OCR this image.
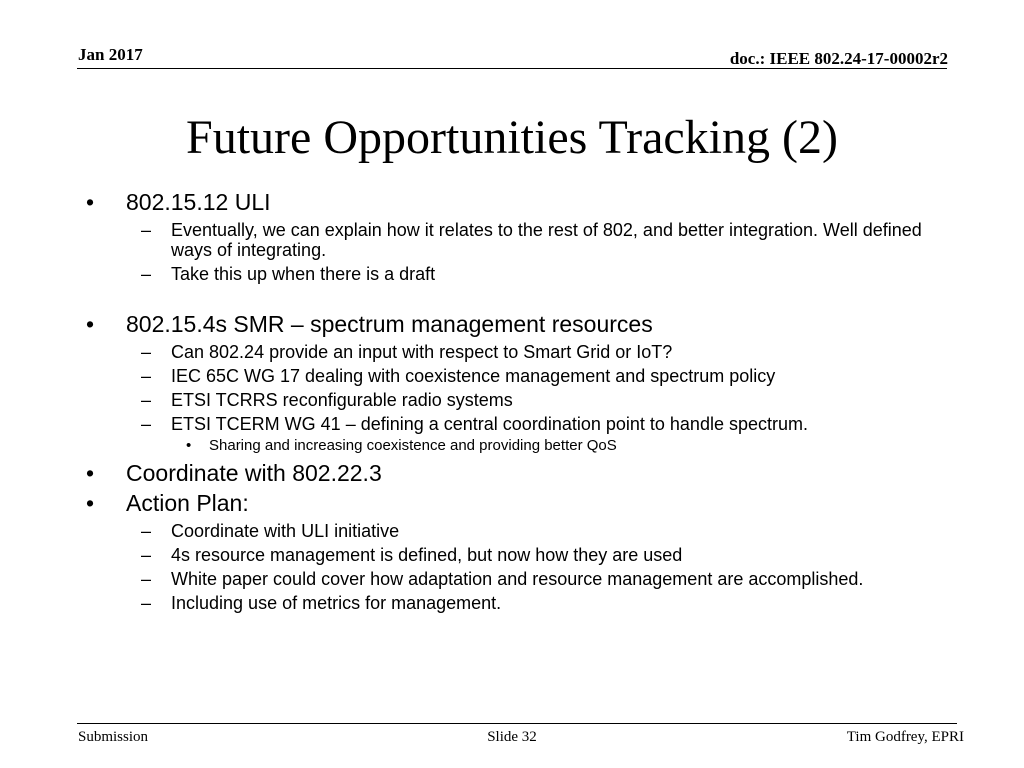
Jan 2017	doc.: IEEE 802.24-17-00002r2
Future Opportunities Tracking (2)
• 802.15.12 ULI
– Eventually, we can explain how it relates to the rest of 802, and better integration. Well defined ways of integrating.
– Take this up when there is a draft
• 802.15.4s SMR – spectrum management resources
– Can 802.24 provide an input with respect to Smart Grid or IoT?
– IEC 65C WG 17 dealing with coexistence management and spectrum policy
– ETSI TCRRS reconfigurable radio systems
– ETSI TCERM WG 41 – defining a central coordination point to handle spectrum.
• Sharing and increasing coexistence and providing better QoS
• Coordinate with 802.22.3
• Action Plan:
– Coordinate with ULI initiative
– 4s resource management is defined, but now how they are used
– White paper could cover how adaptation and resource management are accomplished.
– Including use of metrics for management.
Submission	Slide 32	Tim Godfrey, EPRI
